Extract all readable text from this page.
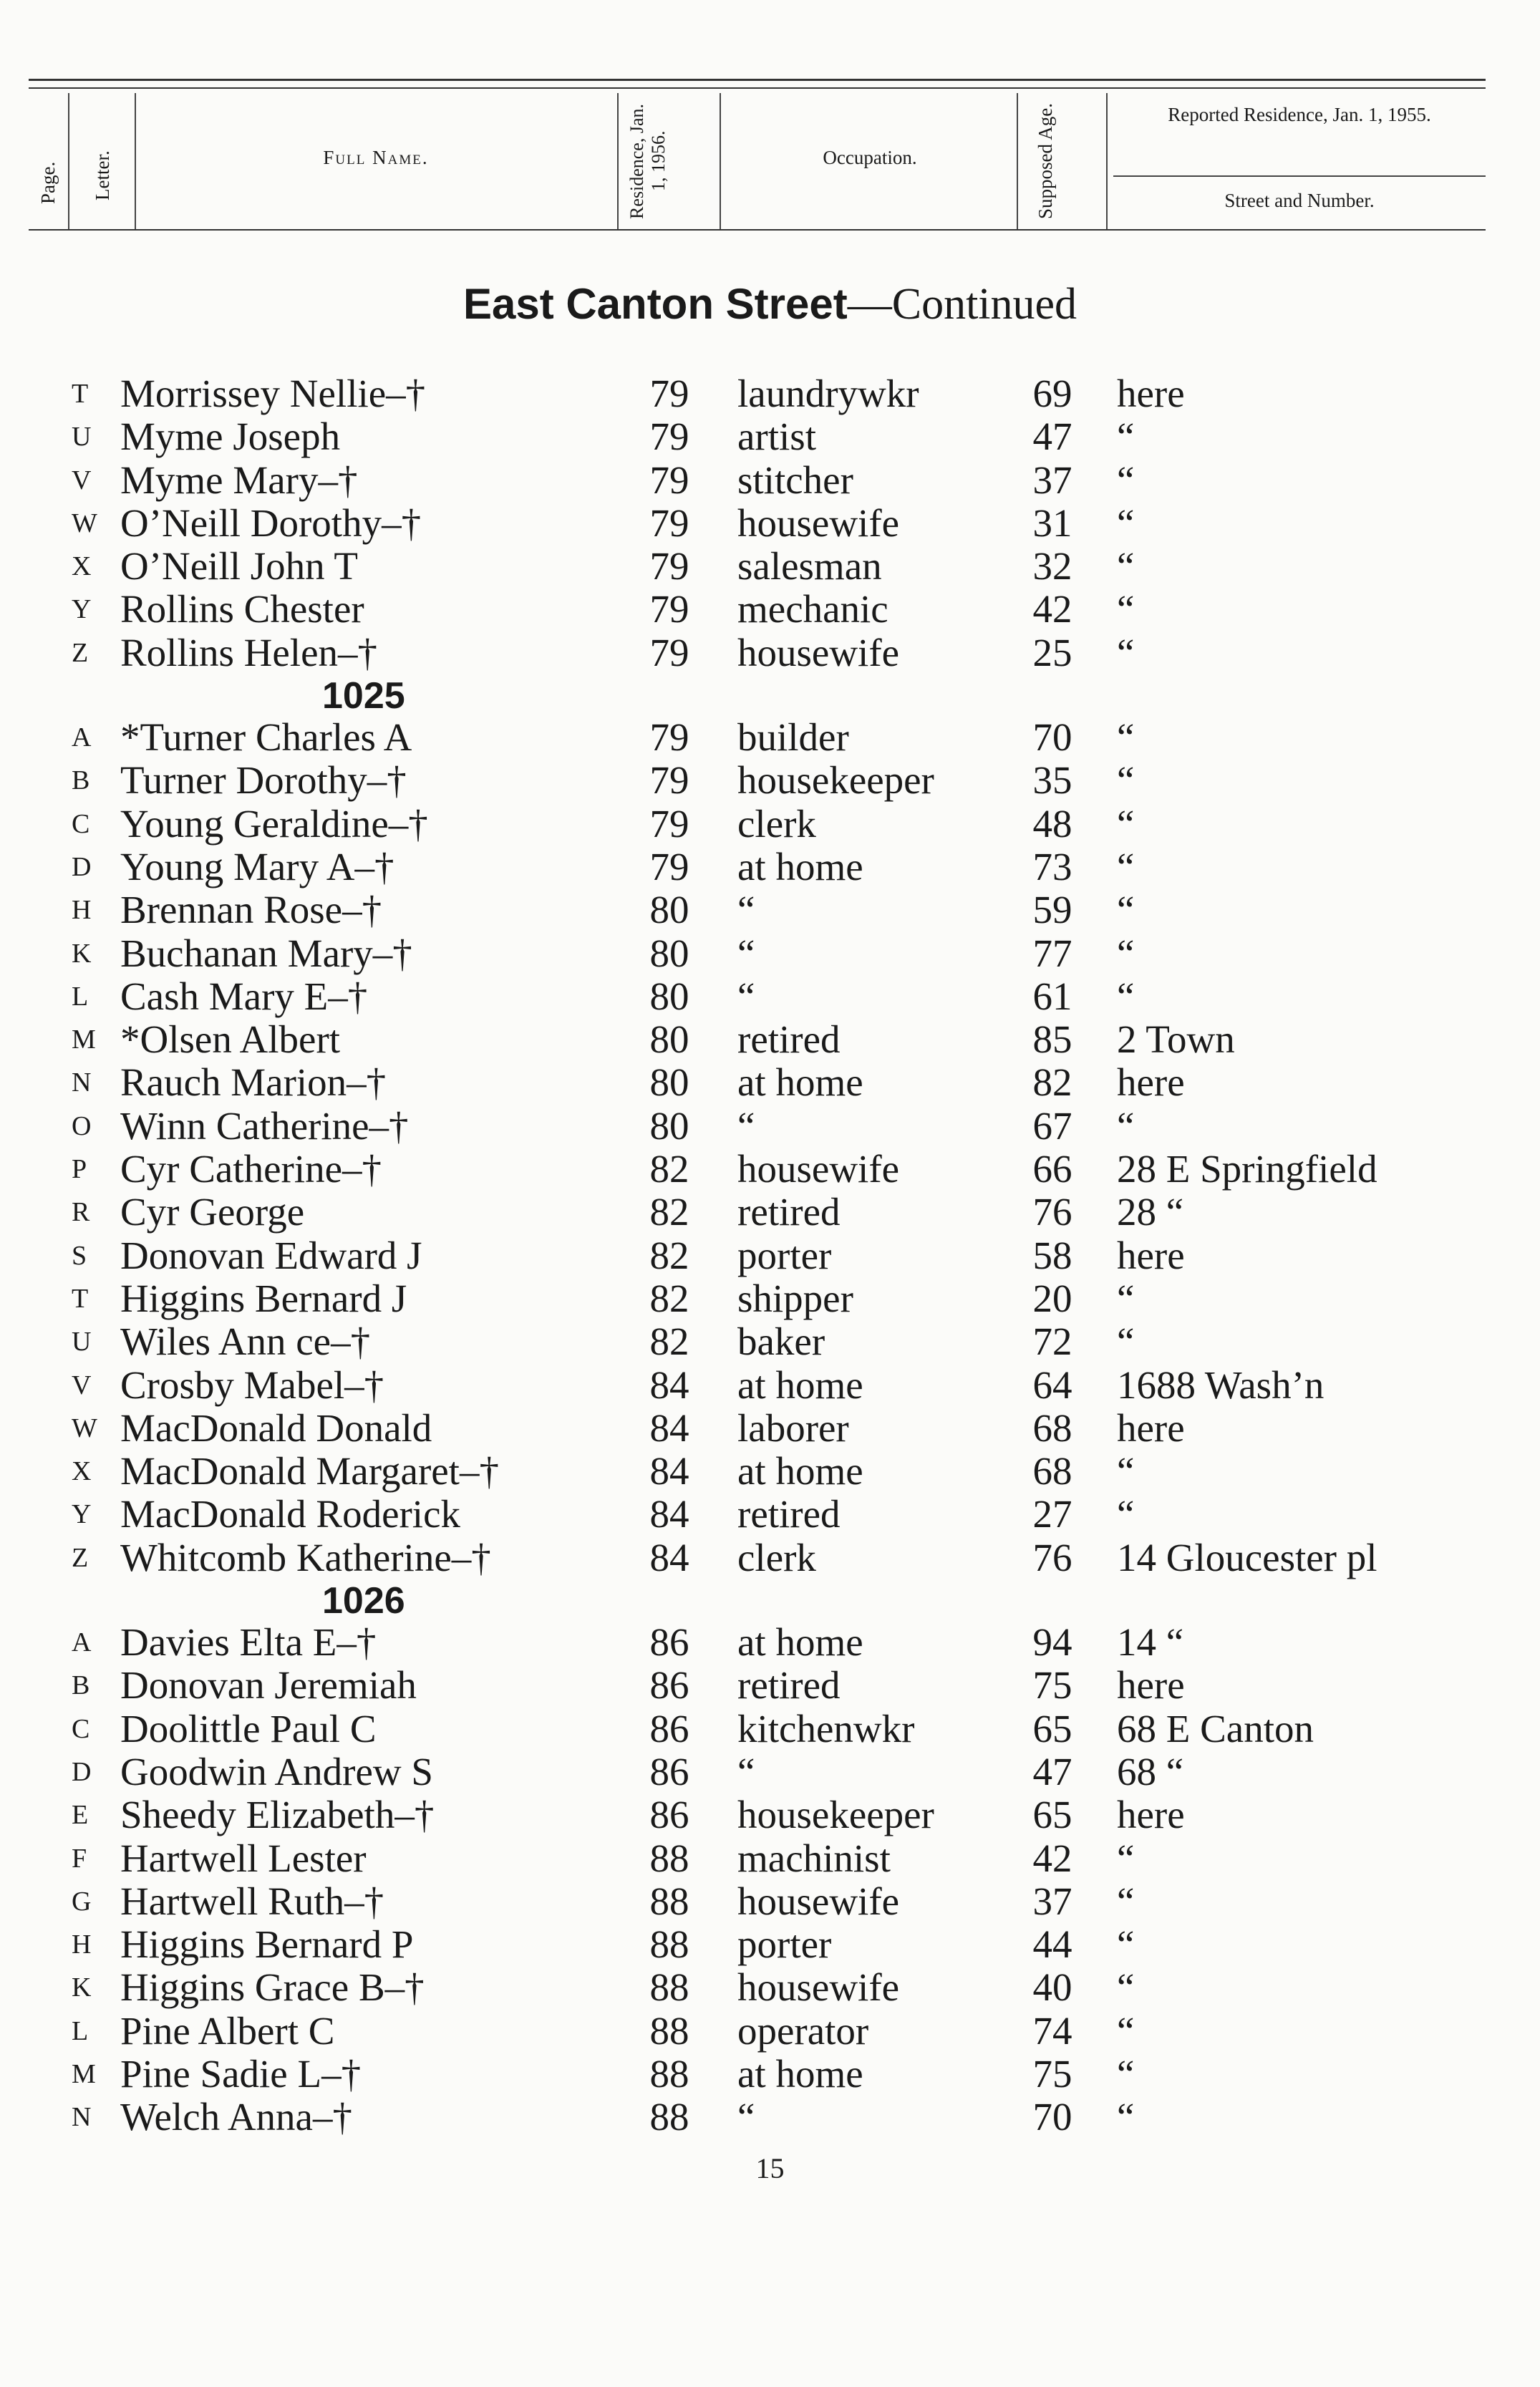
Page. Letter.	Full Name.	Residence, Jan. 1, 1956.	Occupation.	Supposed Age.	Reported Residence, Jan. 1, 1955.
Street and Number.
East Canton Street—Continued
T Morrissey Nellie–†	79	laundrywkr	69	here
U Myme Joseph	79	artist	47	“
V Myme Mary–†	79	stitcher	37	“
W O’Neill Dorothy–†	79	housewife	31	“
X O’Neill John T	79	salesman	32	“
Y Rollins Chester	79	mechanic	42	“
Z Rollins Helen–†	79	housewife	25	“
1025
A *Turner Charles A	79	builder	70	“
B Turner Dorothy–†	79	housekeeper	35	“
C Young Geraldine–†	79	clerk	48	“
D Young Mary A–†	79	at home	73	“
H Brennan Rose–†	80	“	59	“
K Buchanan Mary–†	80	“	77	“
L Cash Mary E–†	80	“	61	“
M *Olsen Albert	80	retired	85	2 Town
N Rauch Marion–†	80	at home	82	here
O Winn Catherine–†	80	“	67	“
P Cyr Catherine–†	82	housewife	66	28 E Springfield
R Cyr George	82	retired	76	28 “
S Donovan Edward J	82	porter	58	here
T Higgins Bernard J	82	shipper	20	“
U Wiles Ann ce–†	82	baker	72	“
V Crosby Mabel–†	84	at home	64	1688 Wash’n
W MacDonald Donald	84	laborer	68	here
X MacDonald Margaret–†	84	at home	68	“
Y MacDonald Roderick	84	retired	27	“
Z Whitcomb Katherine–†	84	clerk	76	14 Gloucester pl
1026
A Davies Elta E–†	86	at home	94	14 “
B Donovan Jeremiah	86	retired	75	here
C Doolittle Paul C	86	kitchenwkr	65	68 E Canton
D Goodwin Andrew S	86	“	47	68 “
E Sheedy Elizabeth–†	86	housekeeper	65	here
F Hartwell Lester	88	machinist	42	“
G Hartwell Ruth–†	88	housewife	37	“
H Higgins Bernard P	88	porter	44	“
K Higgins Grace B–†	88	housewife	40	“
L Pine Albert C	88	operator	74	“
M Pine Sadie L–†	88	at home	75	“
N Welch Anna–†	88	“	70	“
15
